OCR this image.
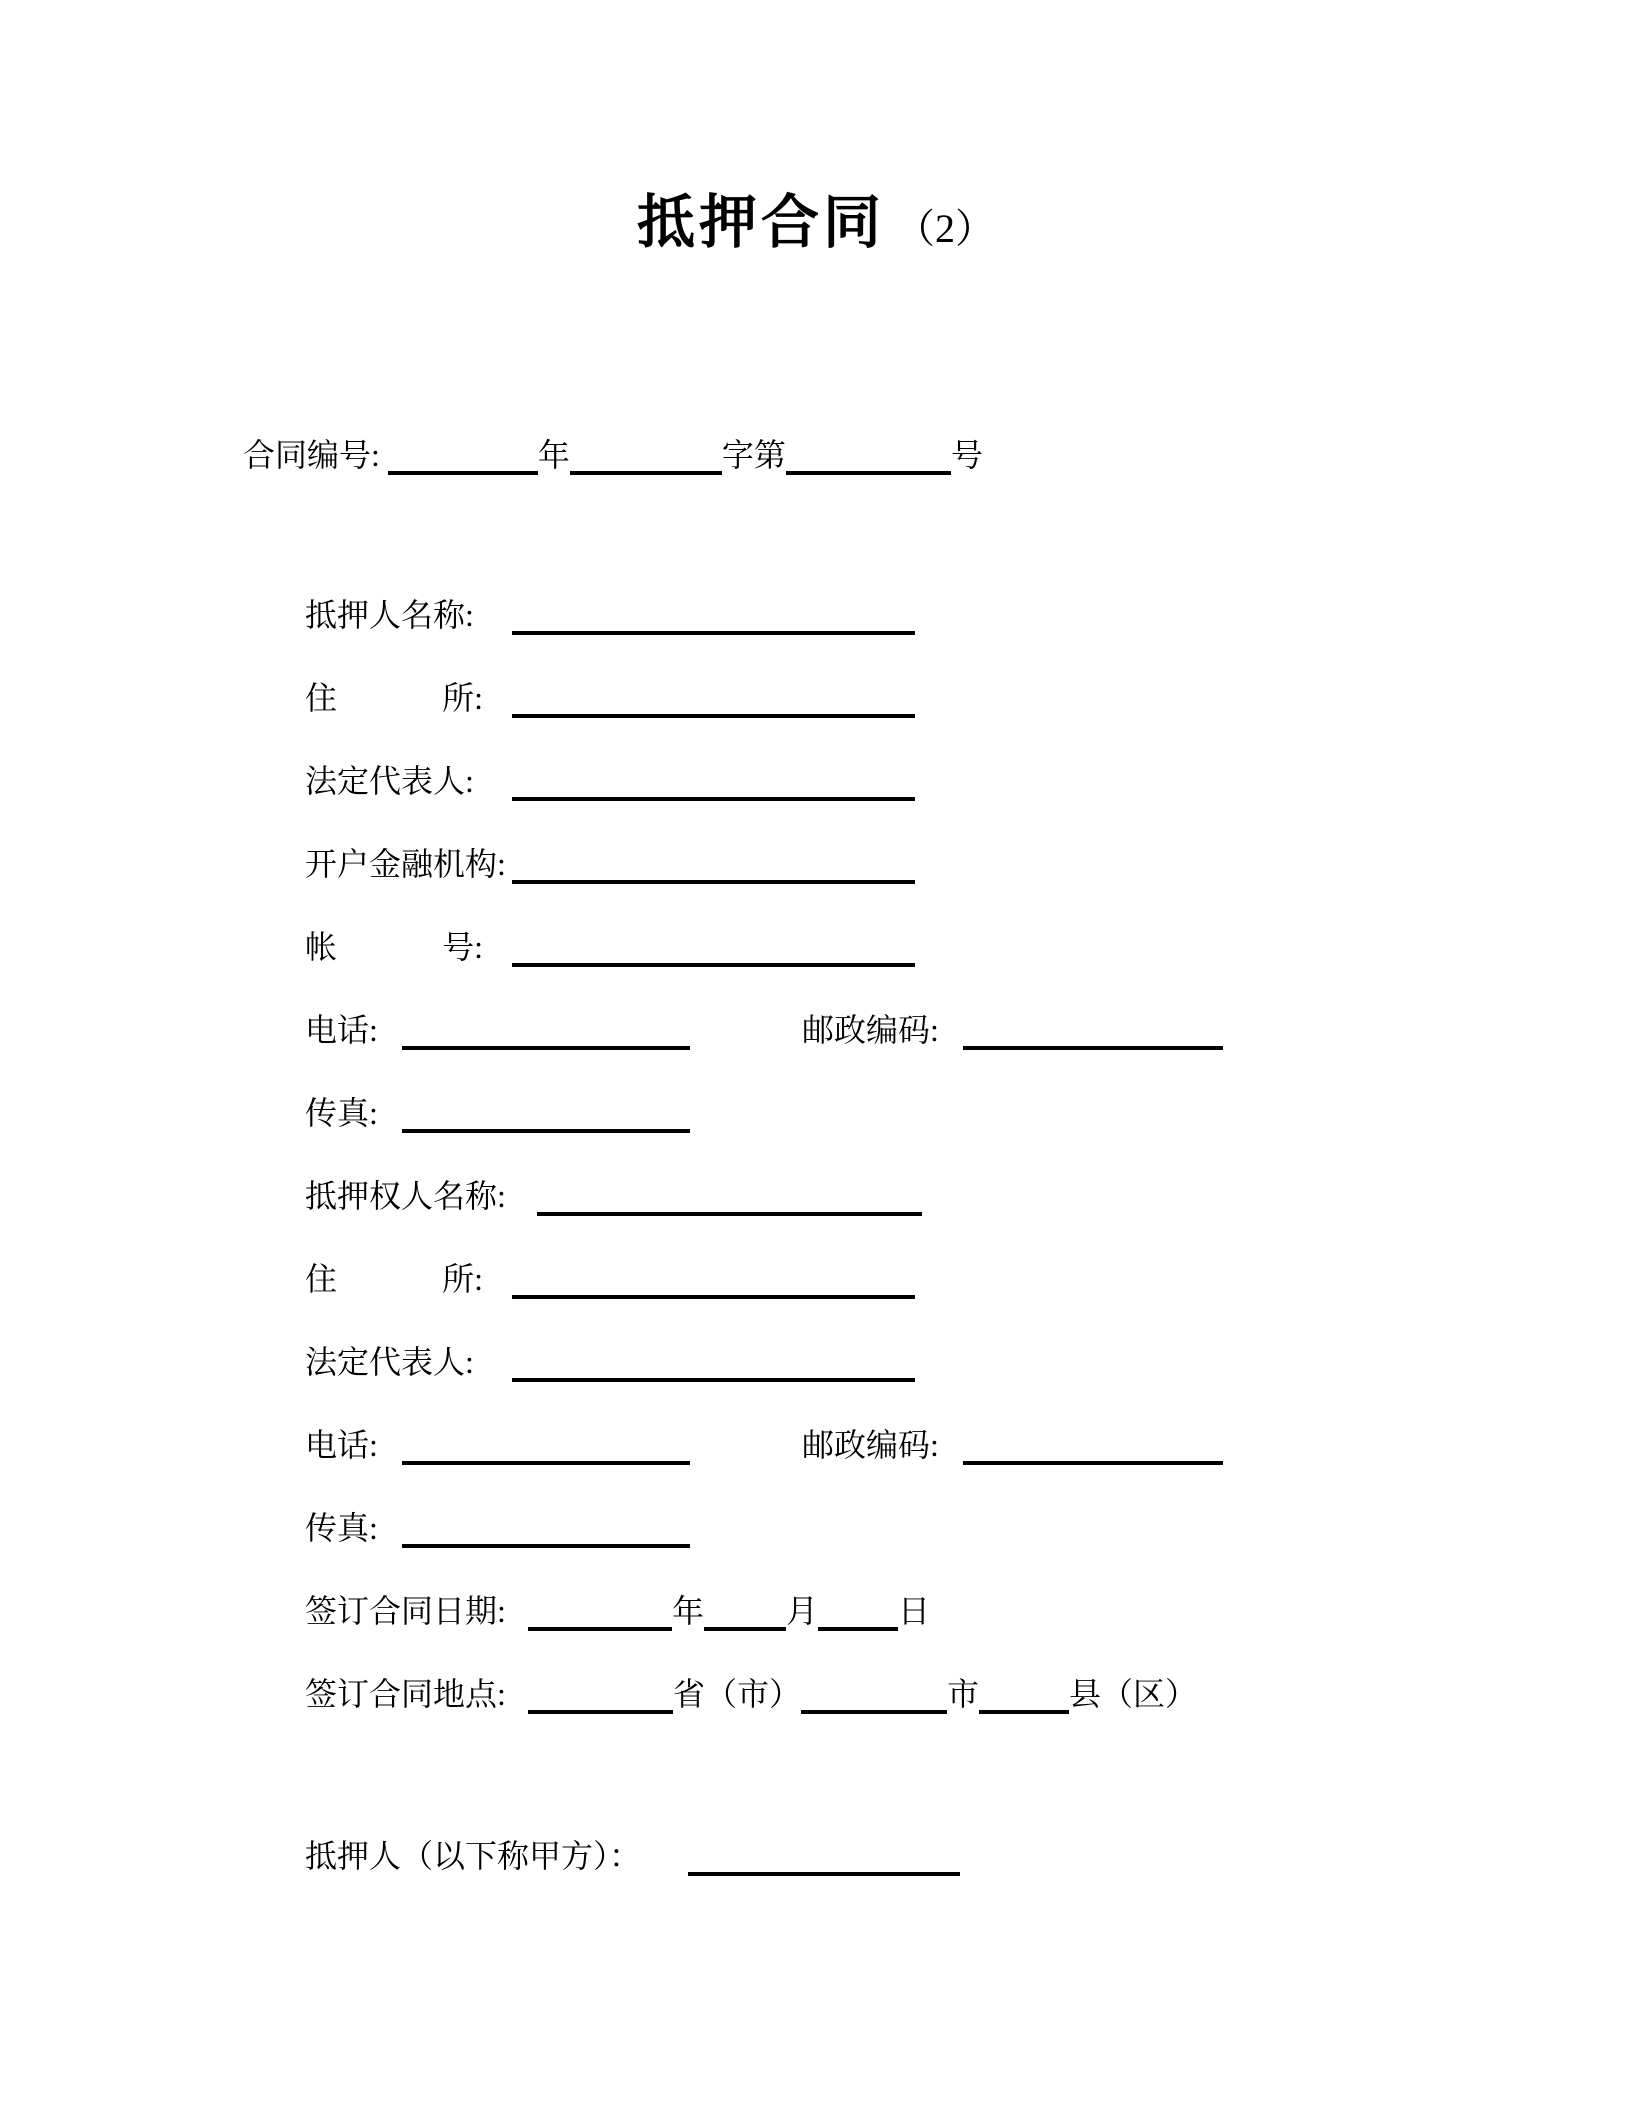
抵押合同 （2）
合同编号:	年	字第	号
抵押人名称:
住	所:
法定代表人:
开户金融机构:
帐	号:
电话:	邮政编码:
传真:
抵押权人名称:
住	所:
法定代表人:
电话:	邮政编码:
传真:
签订合同日期:	年	月	日
签订合同地点:	省（市）	市	县（区）
抵押人（以下称甲方）：
